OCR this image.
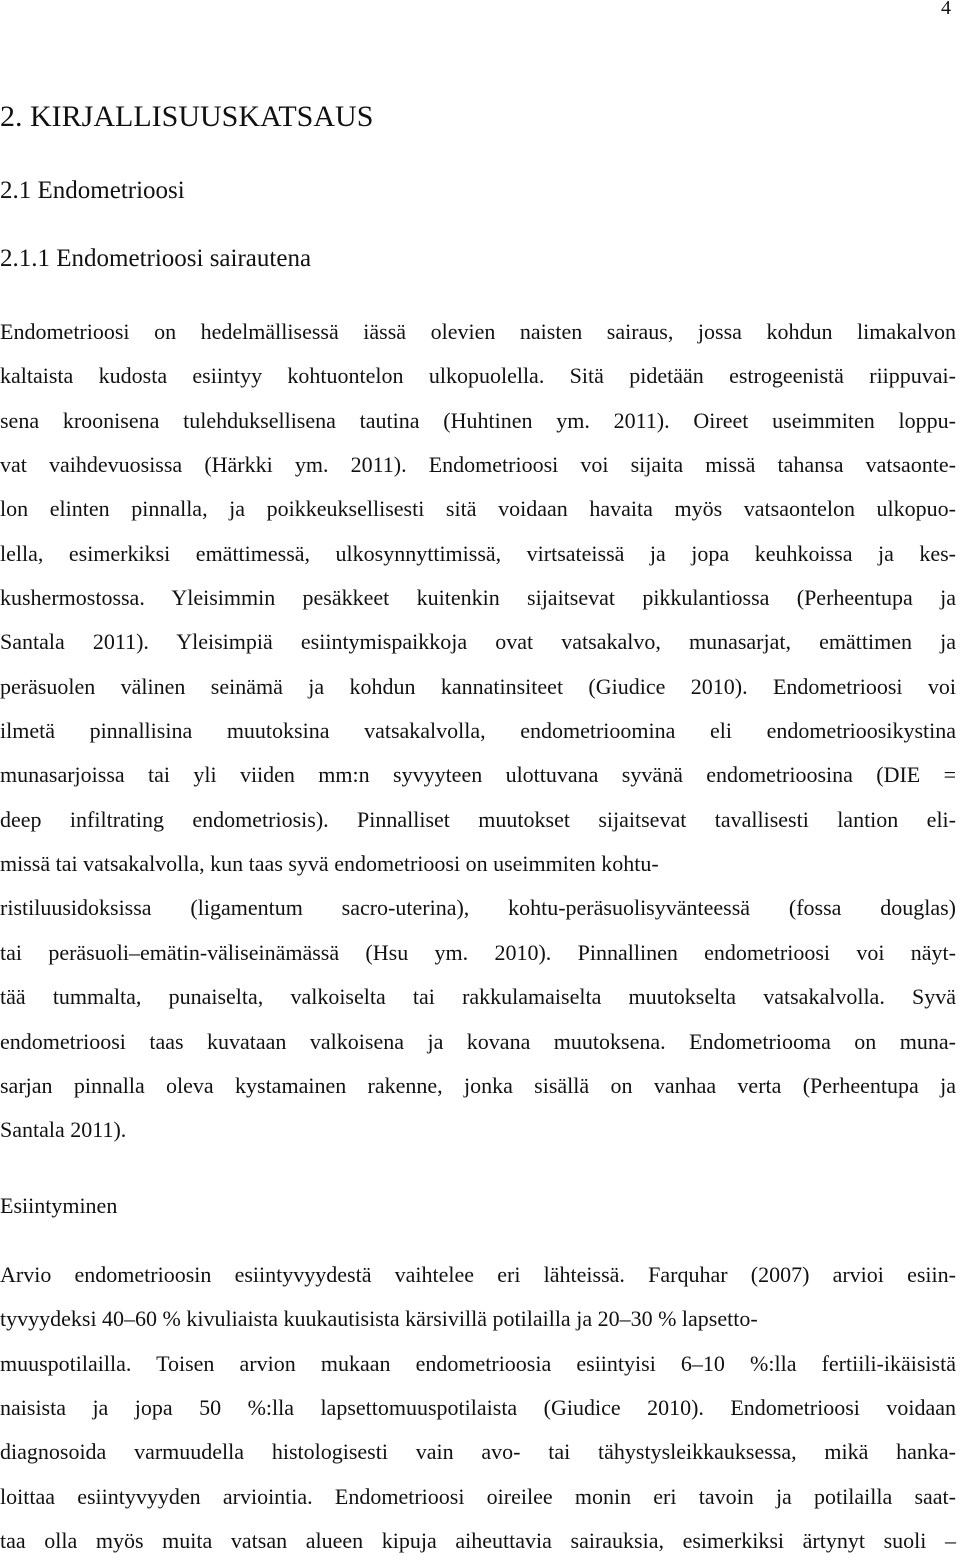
4
2. KIRJALLISUUSKATSAUS
2.1 Endometrioosi
2.1.1 Endometrioosi sairautena
Endometrioosi on hedelmällisessä iässä olevien naisten sairaus, jossa kohdun limakalvon
kaltaista kudosta esiintyy kohtuontelon ulkopuolella. Sitä pidetään estrogeenistä riippuvai-
sena kroonisena tulehduksellisena tautina (Huhtinen ym. 2011). Oireet useimmiten loppu-
vat vaihdevuosissa (Härkki ym. 2011). Endometrioosi voi sijaita missä tahansa vatsaonte-
lon elinten pinnalla, ja poikkeuksellisesti sitä voidaan havaita myös vatsaontelon ulkopuo-
lella, esimerkiksi emättimessä, ulkosynnyttimissä, virtsateissä ja jopa keuhkoissa ja kes-
kushermostossa. Yleisimmin pesäkkeet kuitenkin sijaitsevat pikkulantiossa (Perheentupa ja
Santala 2011). Yleisimpiä esiintymispaikkoja ovat vatsakalvo, munasarjat, emättimen ja
peräsuolen välinen seinämä ja kohdun kannatinsiteet (Giudice 2010). Endometrioosi voi
ilmetä pinnallisina muutoksina vatsakalvolla, endometrioomina eli endometrioosikystina
munasarjoissa tai yli viiden mm:n syvyyteen ulottuvana syvänä endometrioosina (DIE =
deep infiltrating endometriosis). Pinnalliset muutokset sijaitsevat tavallisesti lantion eli-
missä tai vatsakalvolla, kun taas syvä endometrioosi on useimmiten kohtu-
ristiluusidoksissa (ligamentum sacro-uterina), kohtu-peräsuolisyvänteessä (fossa douglas)
tai peräsuoli–emätin-väliseinämässä (Hsu ym. 2010). Pinnallinen endometrioosi voi näyt-
tää tummalta, punaiselta, valkoiselta tai rakkulamaiselta muutokselta vatsakalvolla. Syvä
endometrioosi taas kuvataan valkoisena ja kovana muutoksena. Endometriooma on muna-
sarjan pinnalla oleva kystamainen rakenne, jonka sisällä on vanhaa verta (Perheentupa ja
Santala 2011).
Esiintyminen
Arvio endometrioosin esiintyvyydestä vaihtelee eri lähteissä. Farquhar (2007) arvioi esiin-
tyvyydeksi 40–60 % kivuliaista kuukautisista kärsivillä potilailla ja 20–30 % lapsetto-
muuspotilailla. Toisen arvion mukaan endometrioosia esiintyisi 6–10 %:lla fertiili-ikäisistä
naisista ja jopa 50 %:lla lapsettomuuspotilaista (Giudice 2010). Endometrioosi voidaan
diagnosoida varmuudella histologisesti vain avo- tai tähystysleikkauksessa, mikä hanka-
loittaa esiintyvyyden arviointia. Endometrioosi oireilee monin eri tavoin ja potilailla saat-
taa olla myös muita vatsan alueen kipuja aiheuttavia sairauksia, esimerkiksi ärtynyt suoli –
